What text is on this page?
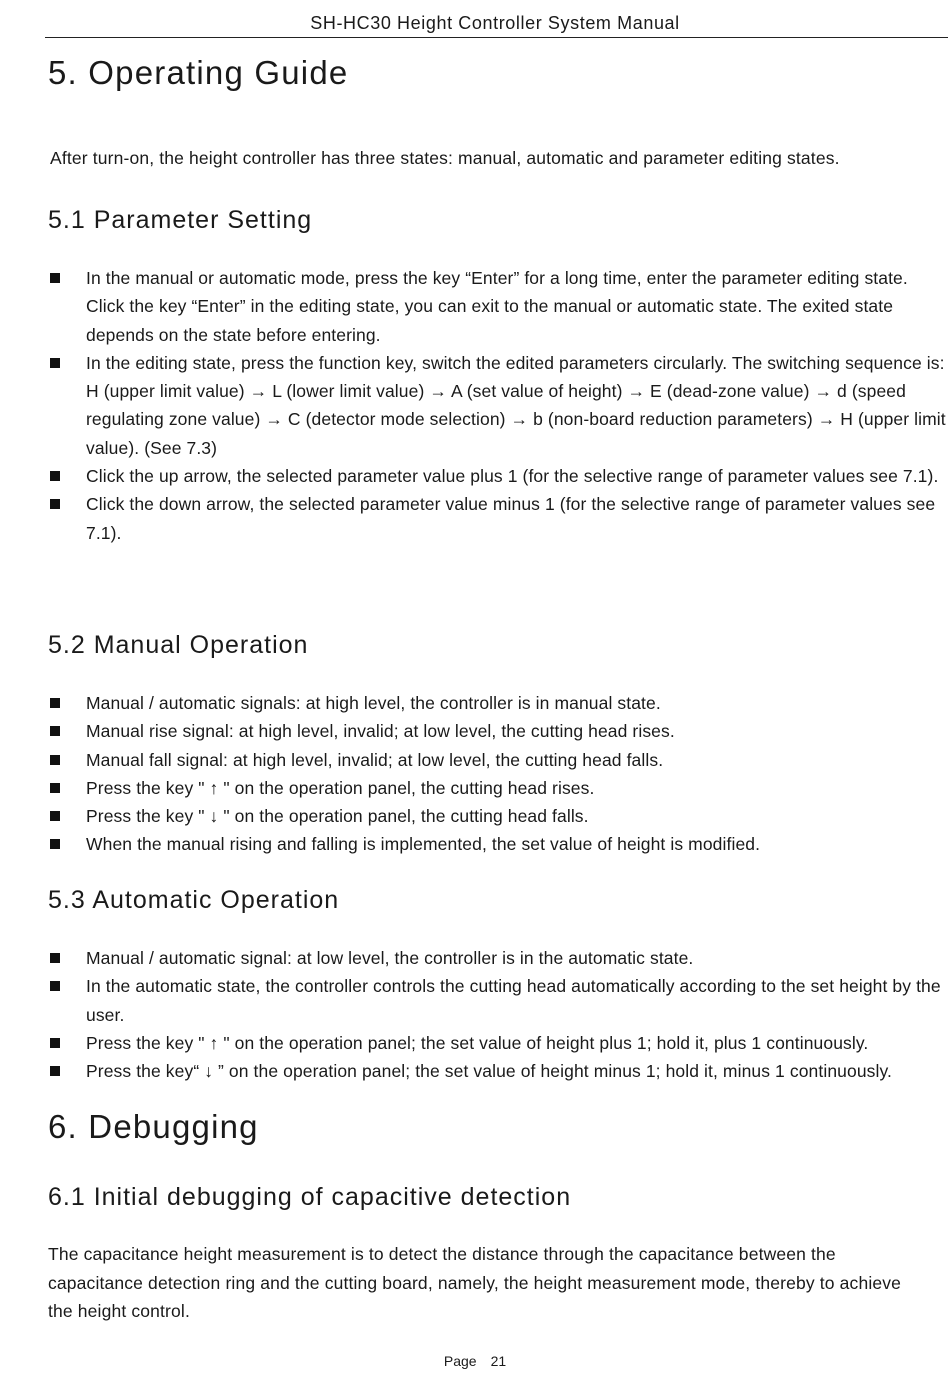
SH-HC30 Height Controller System Manual
5. Operating Guide

After turn-on, the height controller has three states: manual, automatic and parameter editing states.

5.1 Parameter Setting
In the manual or automatic mode, press the key “Enter” for a long time, enter the parameter editing state. Click the key “Enter” in the editing state, you can exit to the manual or automatic state. The exited state depends on the state before entering.
In the editing state, press the function key, switch the edited parameters circularly. The switching sequence is: H (upper limit value) → L (lower limit value) → A (set value of height) → E (dead-zone value) → d (speed regulating zone value) → C (detector mode selection) → b (non-board reduction parameters) → H (upper limit value). (See 7.3)
Click the up arrow, the selected parameter value plus 1 (for the selective range of parameter values see 7.1).
Click the down arrow, the selected parameter value minus 1 (for the selective range of parameter values see 7.1).
5.2 Manual Operation
Manual / automatic signals: at high level, the controller is in manual state.
Manual rise signal: at high level, invalid; at low level, the cutting head rises.
Manual fall signal: at high level, invalid; at low level, the cutting head falls.
Press the key " ↑ " on the operation panel, the cutting head rises.
Press the key " ↓ " on the operation panel, the cutting head falls.
When the manual rising and falling is implemented, the set value of height is modified.
5.3 Automatic Operation
Manual / automatic signal: at low level, the controller is in the automatic state.
In the automatic state, the controller controls the cutting head automatically according to the set height by the user.
Press the key " ↑ " on the operation panel; the set value of height plus 1; hold it, plus 1 continuously.
Press the key“ ↓ ” on the operation panel; the set value of height minus 1; hold it, minus 1 continuously.
6. Debugging
6.1 Initial debugging of capacitive detection

The capacitance height measurement is to detect the distance through the capacitance between the capacitance detection ring and the cutting board, namely, the height measurement mode, thereby to achieve the height control.

Page 21
